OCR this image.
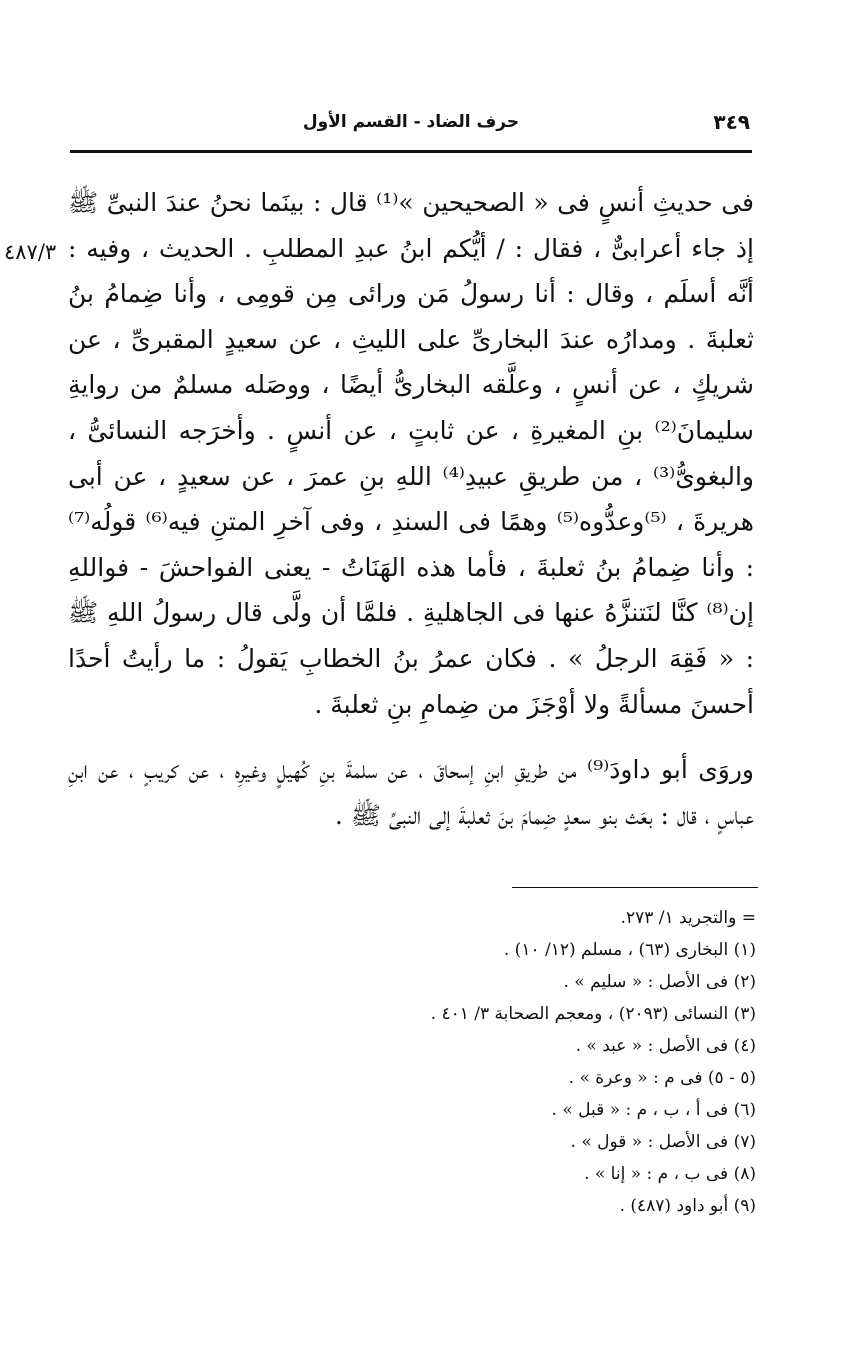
حرف الضاد - القسم الأول	٣٤٩
٤٨٧/٣

فى حديثِ أنسٍ فى « الصحيحين »⁽¹⁾ قال : بينَما نحنُ عندَ النبىِّ ﷺ إذ جاء أعرابىٌّ ، فقال : / أيُّكم ابنُ عبدِ المطلبِ . الحديث ، وفيه : أنَّه أسلَم ، وقال : أنا رسولُ مَن ورائى مِن قومِى ، وأنا ضِمامُ بنُ ثعلبةَ . ومدارُه عندَ البخارىِّ على الليثِ ، عن سعيدٍ المقبرىِّ ، عن شريكٍ ، عن أنسٍ ، وعلَّقه البخارىُّ أيضًا ، ووصَله مسلمٌ من روايةِ سليمانَ⁽²⁾ بنِ المغيرةِ ، عن ثابتٍ ، عن أنسٍ . وأخرَجه النسائىُّ ، والبغوىُّ⁽³⁾ ، من طريقِ عبيدِ⁽⁴⁾ اللهِ بنِ عمرَ ، عن سعيدٍ ، عن أبى هريرةَ ، ⁽⁵⁾وعدُّوه⁽⁵⁾ وهمًا فى السندِ ، وفى آخرِ المتنِ فيه⁽⁶⁾ قولُه⁽⁷⁾ : وأنا ضِمامُ بنُ ثعلبةَ ، فأما هذه الهَنَاتُ - يعنى الفواحشَ - فواللهِ إن⁽⁸⁾ كنَّا لنَتنزَّهُ عنها فى الجاهليةِ . فلمَّا أن ولَّى قال رسولُ اللهِ ﷺ : « فَقِهَ الرجلُ » . فكان عمرُ بنُ الخطابِ يَقولُ : ما رأيتُ أحدًا أحسنَ مسألةً ولا أوْجَزَ من ضِمامِ بنِ ثعلبةَ .

وروَى أبو داودَ⁽⁹⁾ من طريقِ ابنِ إسحاقَ ، عن سلمةَ بنِ كُهيلٍ وغيرِه ، عن كريبٍ ، عن ابنِ عباسٍ ، قال : بعَث بنو سعدٍ ضِمامَ بنَ ثعلبةَ إلى النبىِّ ﷺ .

= والتجريد ١/ ٢٧٣.
(١) البخارى (٦٣) ، مسلم (١٢/ ١٠) .
(٢) فى الأصل : « سليم » .
(٣) النسائى (٢٠٩٣) ، ومعجم الصحابة ٣/ ٤٠١ .
(٤) فى الأصل : « عبد » .
(٥ - ٥) فى م : « وعرة » .
(٦) فى أ ، ب ، م : « قبل » .
(٧) فى الأصل : « قول » .
(٨) فى ب ، م : « إنا » .
(٩) أبو داود (٤٨٧) .
